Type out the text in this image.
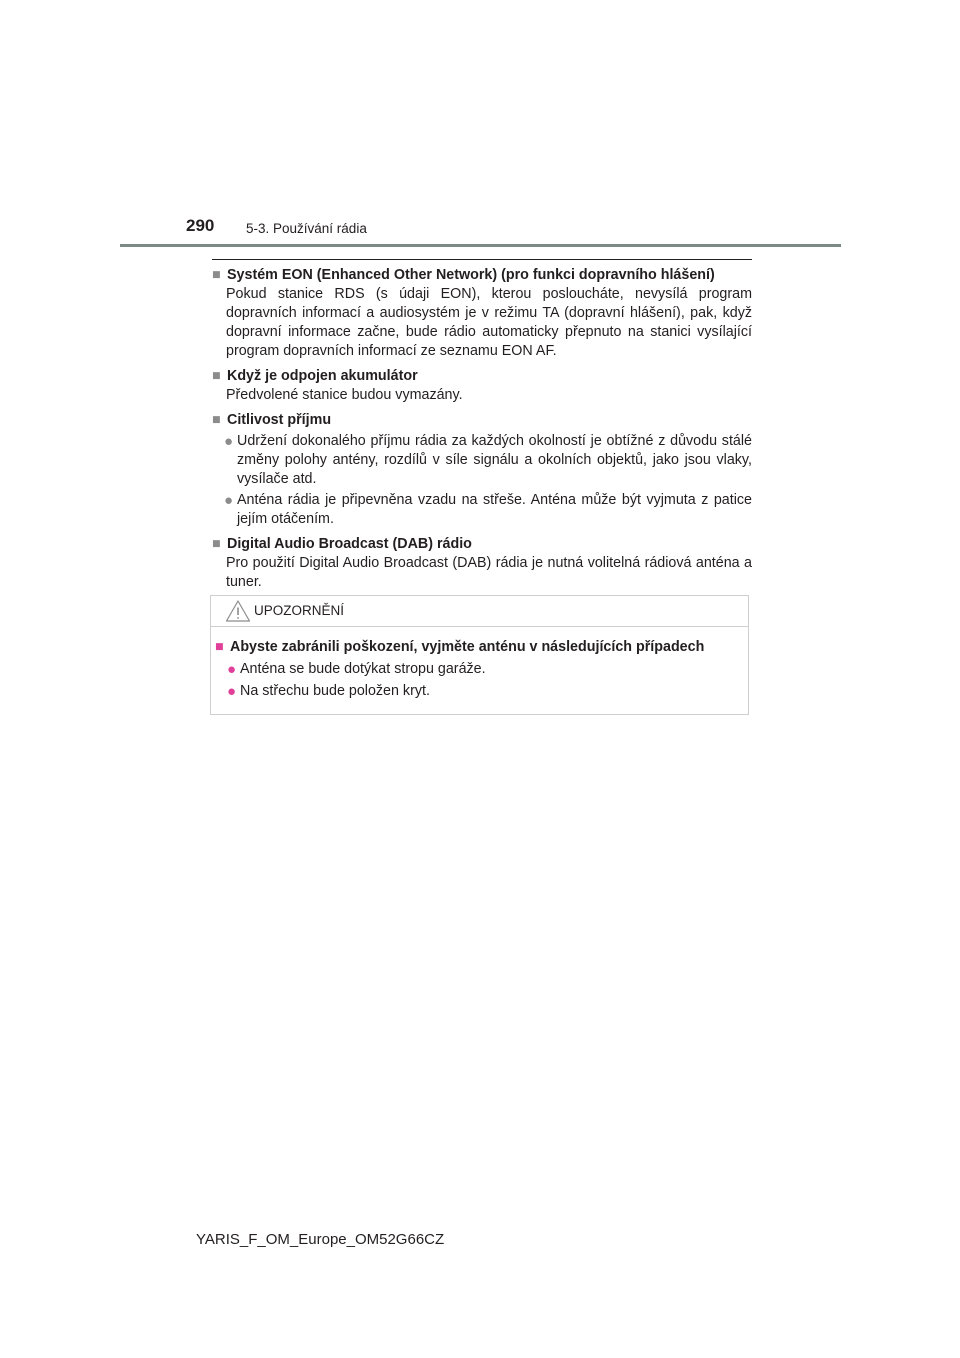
290 5-3. Používání rádia
■ Systém EON (Enhanced Other Network) (pro funkci dopravního hlášení)
Pokud stanice RDS (s údaji EON), kterou posloucháte, nevysílá program dopravních informací a audiosystém je v režimu TA (dopravní hlášení), pak, když dopravní informace začne, bude rádio automaticky přepnuto na stanici vysílající program dopravních informací ze seznamu EON AF.
■ Když je odpojen akumulátor
Předvolené stanice budou vymazány.
■ Citlivost příjmu
● Udržení dokonalého příjmu rádia za každých okolností je obtížné z důvodu stálé změny polohy antény, rozdílů v síle signálu a okolních objektů, jako jsou vlaky, vysílače atd.
● Anténa rádia je připevněna vzadu na střeše. Anténa může být vyjmuta z patice jejím otáčením.
■ Digital Audio Broadcast (DAB) rádio
Pro použití Digital Audio Broadcast (DAB) rádia je nutná volitelná rádiová anténa a tuner.
UPOZORNĚNÍ
■ Abyste zabránili poškození, vyjměte anténu v následujících případech
● Anténa se bude dotýkat stropu garáže.
● Na střechu bude položen kryt.
YARIS_F_OM_Europe_OM52G66CZ
